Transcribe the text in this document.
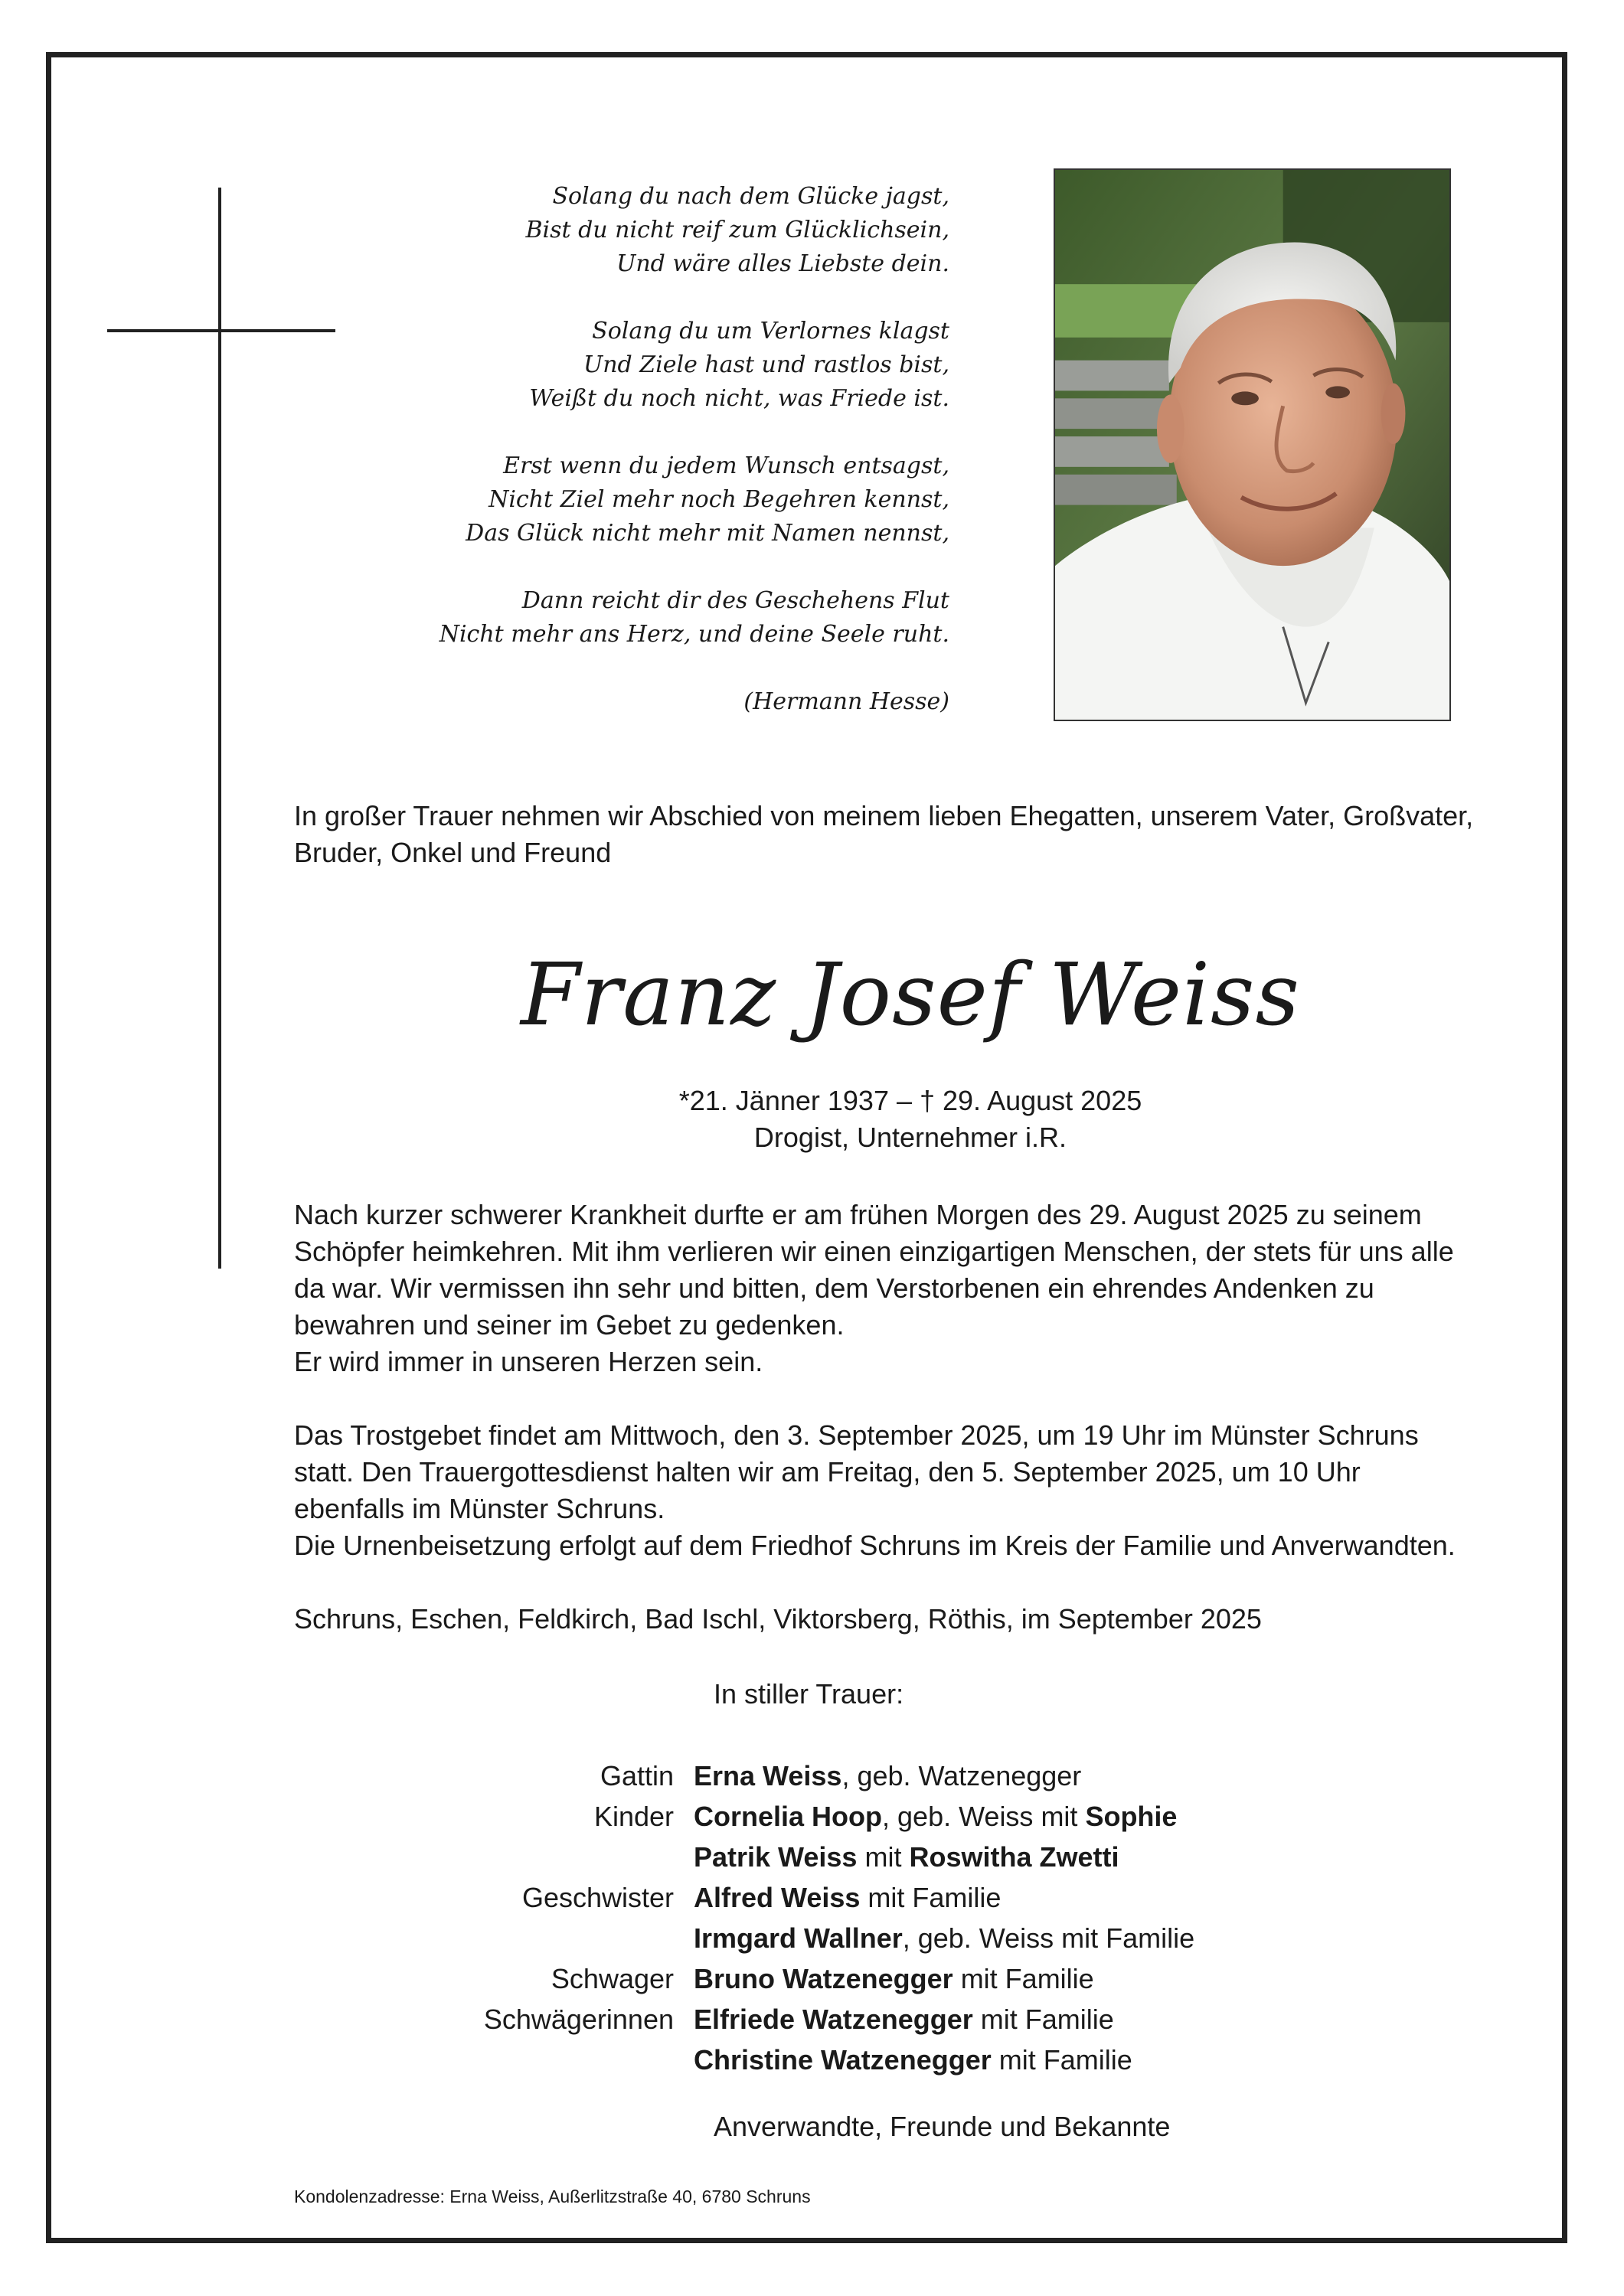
Solang du nach dem Glücke jagst,
Bist du nicht reif zum Glücklichsein,
Und wäre alles Liebste dein.
Solang du um Verlornes klagst
Und Ziele hast und rastlos bist,
Weißt du noch nicht, was Friede ist.
Erst wenn du jedem Wunsch entsagst,
Nicht Ziel mehr noch Begehren kennst,
Das Glück nicht mehr mit Namen nennst,
Dann reicht dir des Geschehens Flut
Nicht mehr ans Herz, und deine Seele ruht.
(Hermann Hesse)
In großer Trauer nehmen wir Abschied von meinem lieben Ehegatten, unserem Vater, Großvater, Bruder, Onkel und Freund
Franz Josef Weiss
*21. Jänner 1937 – † 29. August 2025
Drogist, Unternehmer i.R.
Nach kurzer schwerer Krankheit durfte er am frühen Morgen des 29. August 2025 zu seinem
Schöpfer heimkehren. Mit ihm verlieren wir einen einzigartigen Menschen, der stets für uns alle
da war. Wir vermissen ihn sehr und bitten, dem Verstorbenen ein ehrendes Andenken zu
bewahren und seiner im Gebet zu gedenken.
Er wird immer in unseren Herzen sein.
Das Trostgebet findet am Mittwoch, den 3. September 2025, um 19 Uhr im Münster Schruns
statt. Den Trauergottesdienst halten wir am Freitag, den 5. September 2025, um 10 Uhr
ebenfalls im Münster Schruns.
Die Urnenbeisetzung erfolgt auf dem Friedhof Schruns im Kreis der Familie und Anverwandten.
Schruns, Eschen, Feldkirch, Bad Ischl, Viktorsberg, Röthis, im September 2025
In stiller Trauer:
Gattin Erna Weiss, geb. Watzenegger
Kinder Cornelia Hoop, geb. Weiss mit Sophie
Patrik Weiss mit Roswitha Zwetti
Geschwister Alfred Weiss mit Familie
Irmgard Wallner, geb. Weiss mit Familie
Schwager Bruno Watzenegger mit Familie
Schwägerinnen Elfriede Watzenegger mit Familie
Christine Watzenegger mit Familie
Anverwandte, Freunde und Bekannte
Kondolenzadresse: Erna Weiss, Außerlitzstraße 40, 6780 Schruns
